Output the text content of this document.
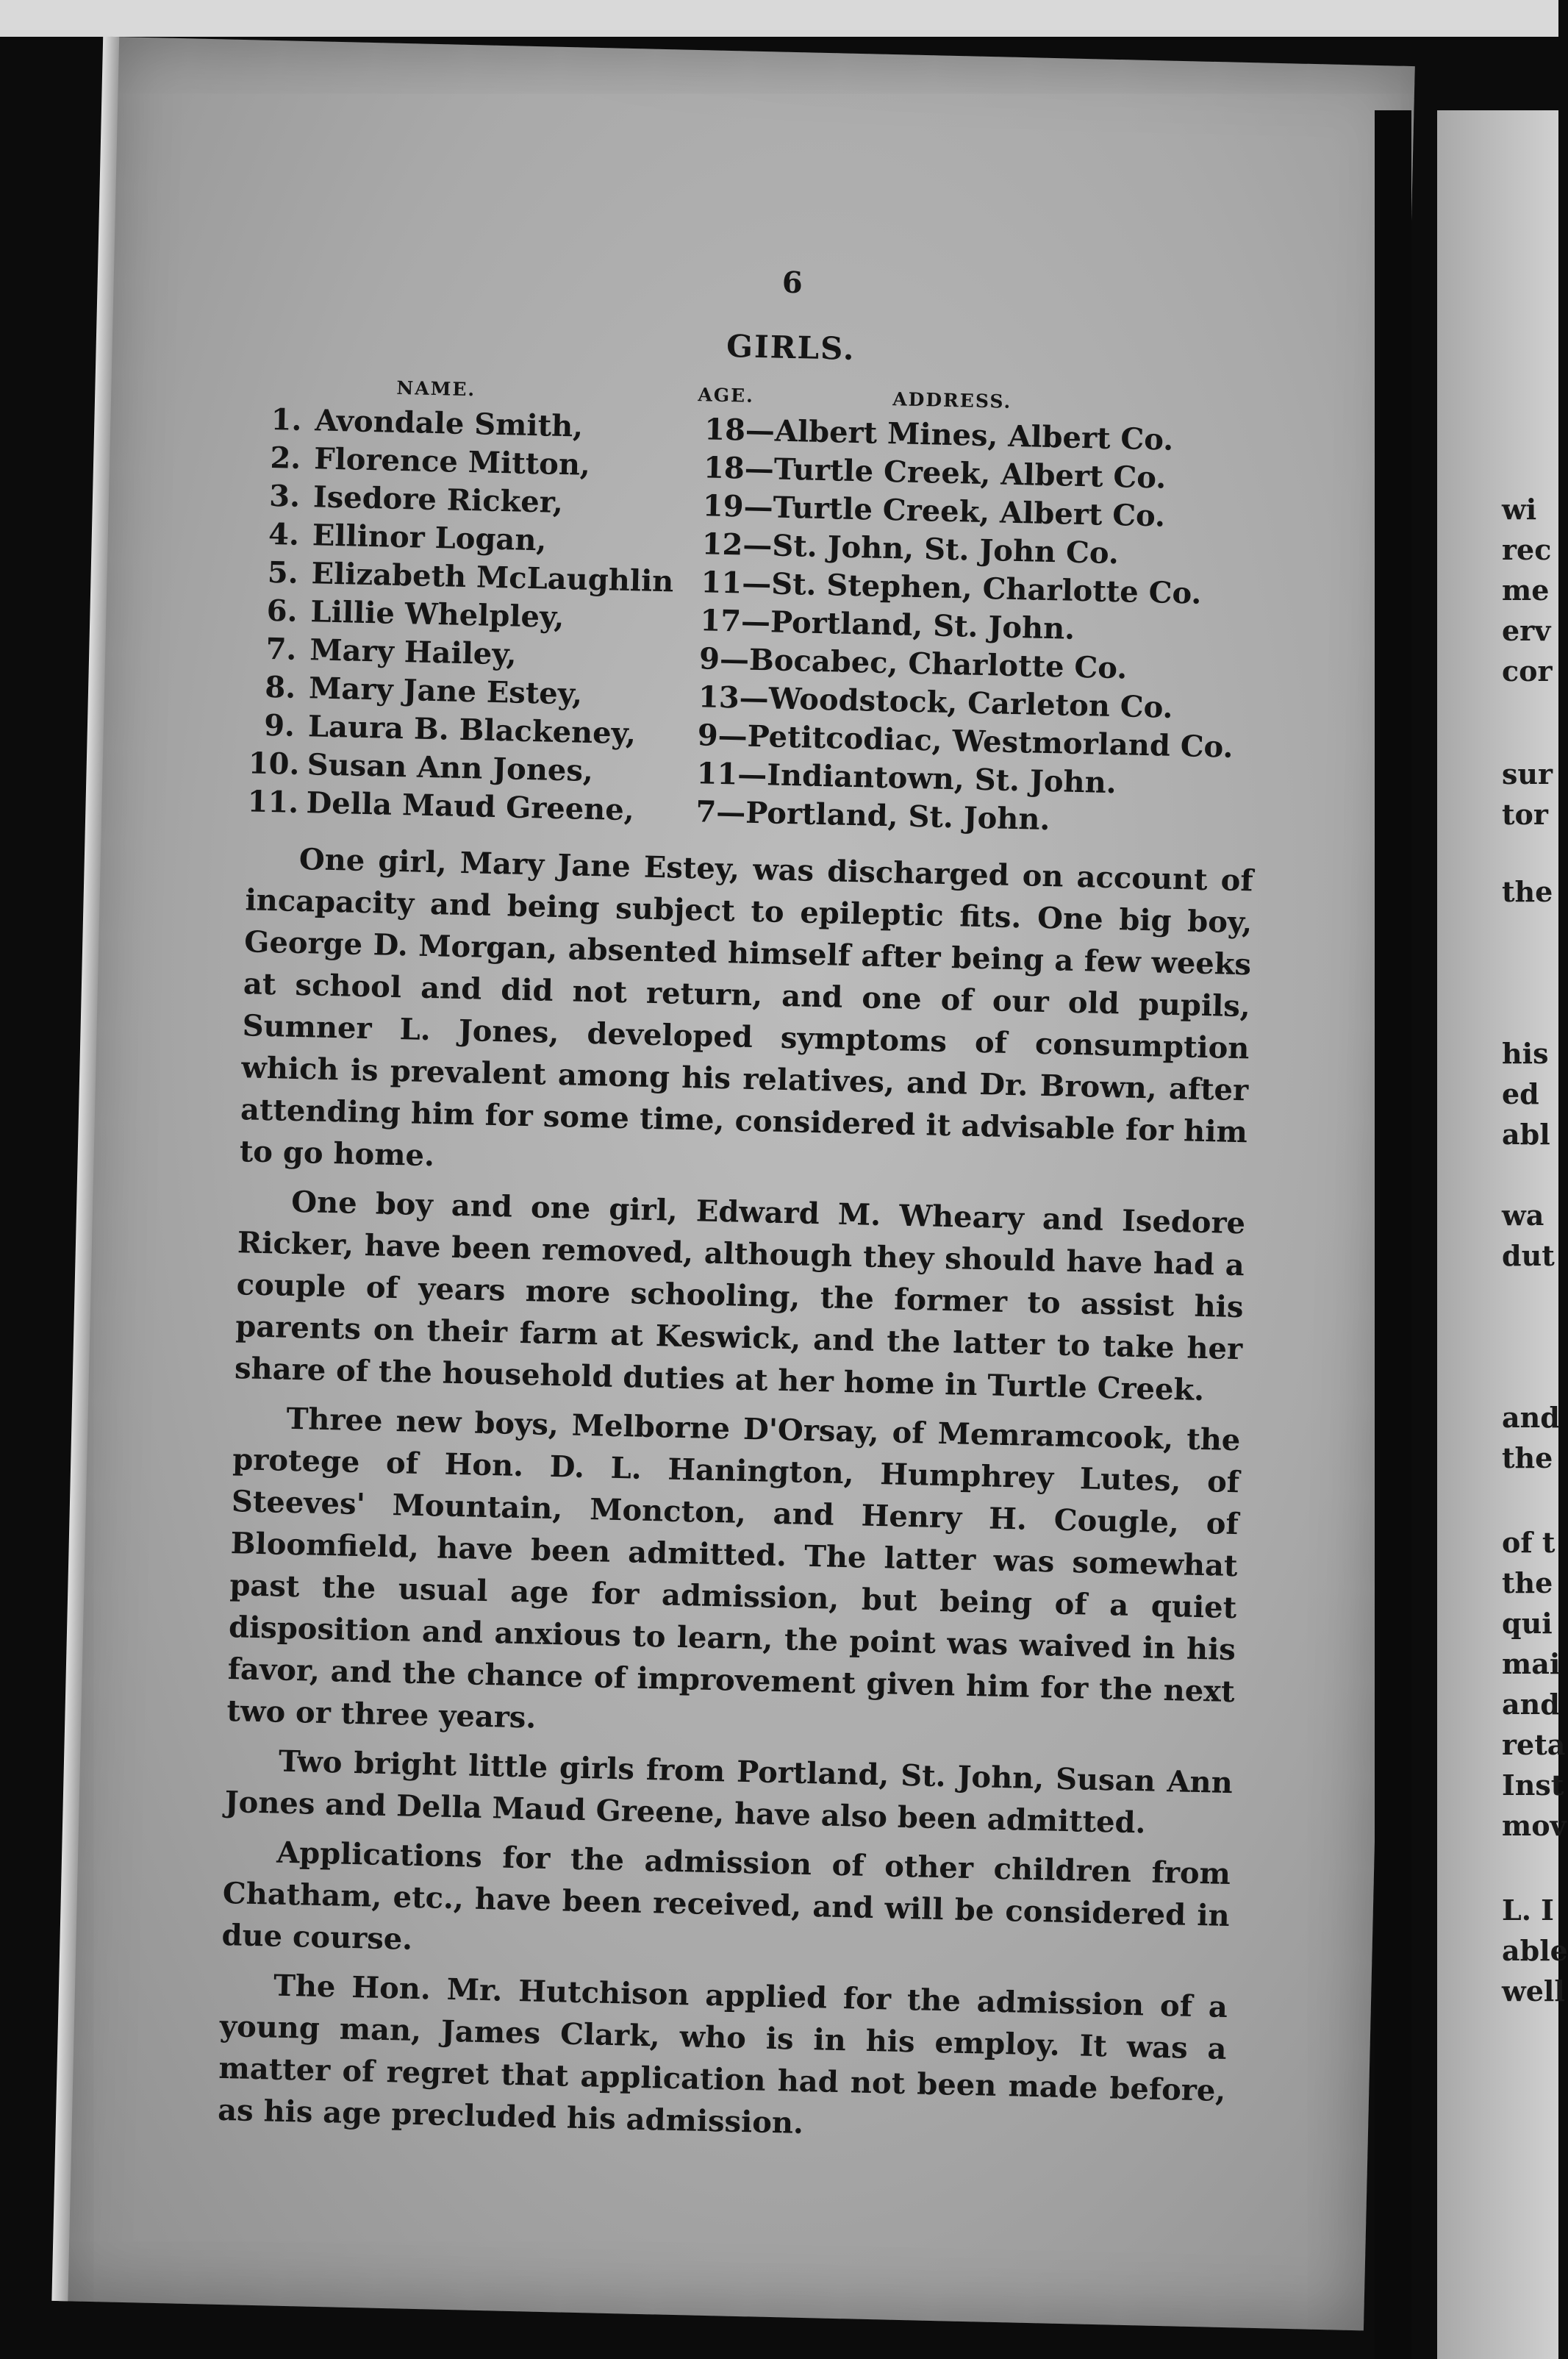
6
GIRLS.
NAME.	AGE.	ADDRESS.
1. Avondale Smith,	18—Albert Mines, Albert Co.
2. Florence Mitton,	18—Turtle Creek, Albert Co.
3. Isedore Ricker,	19—Turtle Creek, Albert Co.
4. Ellinor Logan,	12—St. John, St. John Co.
5. Elizabeth McLaughlin 11—St. Stephen, Charlotte Co.
6. Lillie Whelpley,	17—Portland, St. John.
7. Mary Hailey,	9—Bocabec, Charlotte Co.
8. Mary Jane Estey,	13—Woodstock, Carleton Co.
9. Laura B. Blackeney, 9—Petitcodiac, Westmorland Co.
10. Susan Ann Jones,	11—Indiantown, St. John.
11. Della Maud Greene, 7—Portland, St. John.

One girl, Mary Jane Estey, was discharged on account of incapacity and being subject to epileptic fits. One big boy, George D. Morgan, absented himself after being a few weeks at school and did not return, and one of our old pupils, Sumner L. Jones, developed symptoms of consumption which is prevalent among his relatives, and Dr. Brown, after attending him for some time, considered it advisable for him to go home.

One boy and one girl, Edward M. Wheary and Isedore Ricker, have been removed, although they should have had a couple of years more schooling, the former to assist his parents on their farm at Keswick, and the latter to take her share of the household duties at her home in Turtle Creek.

Three new boys, Melborne D'Orsay, of Memramcook, the protege of Hon. D. L. Hanington, Humphrey Lutes, of Steeves' Mountain, Moncton, and Henry H. Cougle, of Bloomfield, have been admitted. The latter was somewhat past the usual age for admission, but being of a quiet disposition and anxious to learn, the point was waived in his favor, and the chance of improvement given him for the next two or three years.

Two bright little girls from Portland, St. John, Susan Ann Jones and Della Maud Greene, have also been admitted.

Applications for the admission of other children from Chatham, etc., have been received, and will be considered in due course.

The Hon. Mr. Hutchison applied for the admission of a young man, James Clark, who is in his employ. It was a matter of regret that application had not been made before, as his age precluded his admission.

wi
rec
me
erv
cor
sur
tor
the
his
ed
abl
wa
dut
and
the
of t
the
qui
mai
and
reta
Inst
mov
L. I
able
well
